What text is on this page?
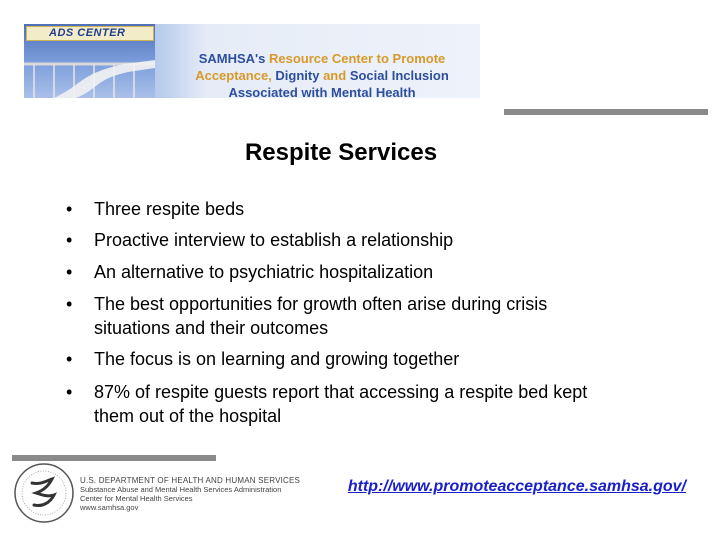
ADS CENTER
SAMHSA's Resource Center to Promote
Acceptance, Dignity and Social Inclusion
Associated with Mental Health
Respite Services
•	Three respite beds
•	Proactive interview to establish a relationship
•	An alternative to psychiatric hospitalization
•	The best opportunities for growth often arise during crisis
situations and their outcomes
•	The focus is on learning and growing together
•	87% of respite guests report that accessing a respite bed kept
them out of the hospital
U.S. DEPARTMENT OF HEALTH AND HUMAN SERVICES
Substance Abuse and Mental Health Services Administration
Center for Mental Health Services
www.samhsa.gov
http://www.promoteacceptance.samhsa.gov/
